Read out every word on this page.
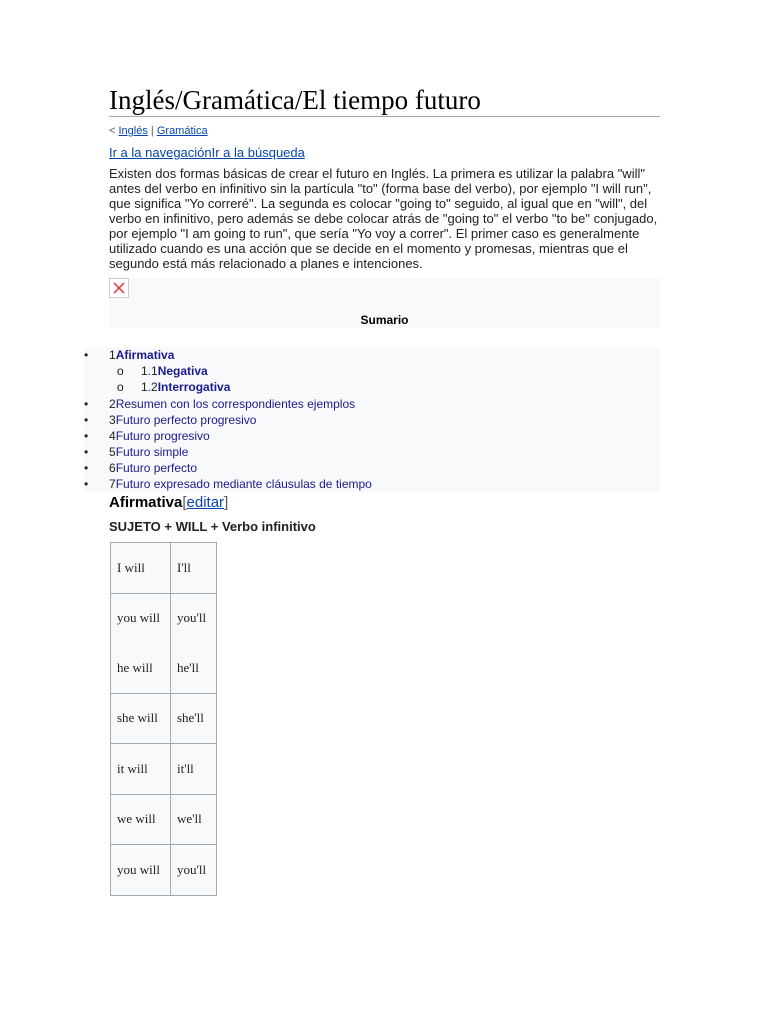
Inglés/Gramática/El tiempo futuro
< Inglés | Gramática
Ir a la navegaciónIr a la búsqueda

Existen dos formas básicas de crear el futuro en Inglés. La primera es utilizar la palabra "will" antes del verbo en infinitivo sin la partícula "to" (forma base del verbo), por ejemplo "I will run", que significa "Yo correré". La segunda es colocar "going to" seguido, al igual que en "will", del verbo en infinitivo, pero además se debe colocar atrás de "going to" el verbo "to be" conjugado, por ejemplo "I am going to run", que sería "Yo voy a correr". El primer caso es generalmente utilizado cuando es una acción que se decide en el momento y promesas, mientras que el segundo está más relacionado a planes e intenciones.

Sumario
•	1Afirmativa
o 1.1Negativa
o 1.2Interrogativa
•	2Resumen con los correspondientes ejemplos
•	3Futuro perfecto progresivo
•	4Futuro progresivo
•	5Futuro simple
•	6Futuro perfecto
•	7Futuro expresado mediante cláusulas de tiempo
Afirmativa[editar]
SUJETO + WILL + Verbo infinitivo
I will	I'll
you will	you'll
he will	he'll
she will	she'll
it will	it'll
we will	we'll
you will	you'll
